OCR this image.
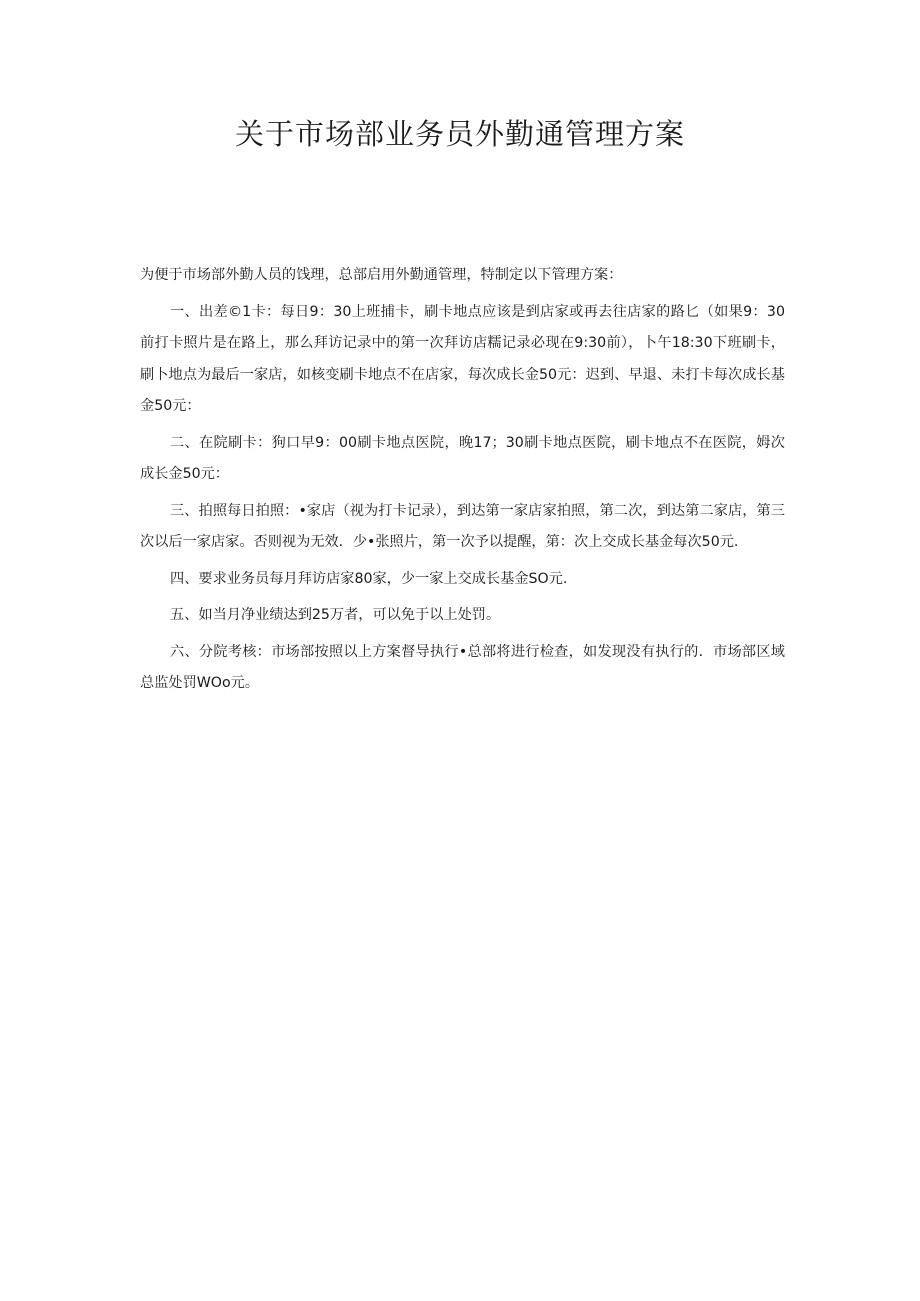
关于市场部业务员外勤通管理方案

为便于市场部外勤人员的饯理，总部启用外勤通管理，特制定以下管理方案：

一、出差©1卡：每日9：30上班捕卡，刷卡地点应该是到店家或再去往店家的路匕（如果9：30前打卡照片是在路上，那么拜访记录中的第一次拜访店糯记录必现在9:30前），卜午18:30下班刷卡，刷卜地点为最后一家店，如核变刷卡地点不在店家，每次成长金50元：迟到、早退、未打卡每次成长基金50元：

二、在院刷卡：狗口早9：00刷卡地点医院，晚17；30刷卡地点医院，刷卡地点不在医院，姆次成长金50元：

三、拍照每日拍照：•家店（视为打卡记录），到达第一家店家拍照，第二次，到达第二家店，第三次以后一家店家。否则视为无效．少•张照片，第一次予以提醒，第：次上交成长基金每次50元.

四、要求业务员每月拜访店家80家，少一家上交成长基金SO元.

五、如当月净业绩达到25万者，可以免于以上处罚。

六、分院考核：市场部按照以上方案督导执行•总部将进行检查，如发现没有执行的．市场部区域总监处罚WOo元。
